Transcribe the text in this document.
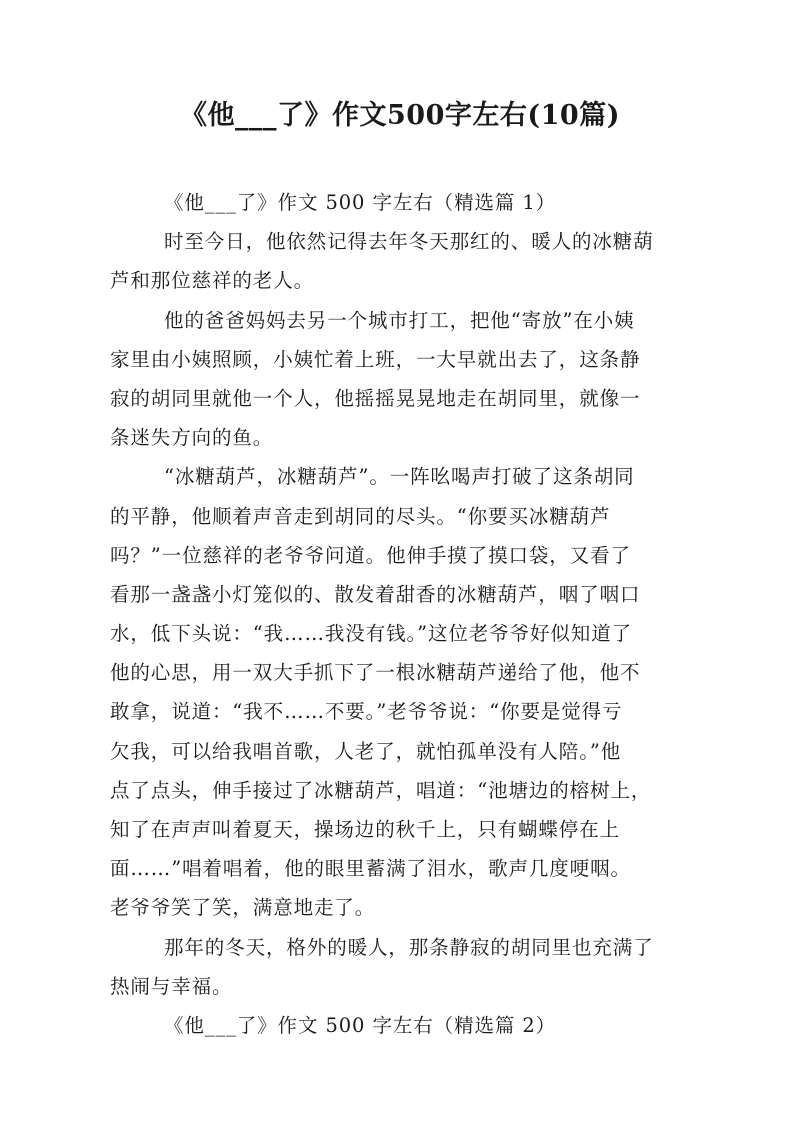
《他___了》作文500字左右(10篇)
《他___了》作文 500 字左右（精选篇 1）
时至今日，他依然记得去年冬天那红的、暖人的冰糖葫
芦和那位慈祥的老人。
他的爸爸妈妈去另一个城市打工，把他“寄放”在小姨
家里由小姨照顾，小姨忙着上班，一大早就出去了，这条静
寂的胡同里就他一个人，他摇摇晃晃地走在胡同里，就像一
条迷失方向的鱼。
“冰糖葫芦，冰糖葫芦”。一阵吆喝声打破了这条胡同
的平静，他顺着声音走到胡同的尽头。“你要买冰糖葫芦
吗？”一位慈祥的老爷爷问道。他伸手摸了摸口袋，又看了
看那一盏盏小灯笼似的、散发着甜香的冰糖葫芦，咽了咽口
水，低下头说：“我……我没有钱。”这位老爷爷好似知道了
他的心思，用一双大手抓下了一根冰糖葫芦递给了他，他不
敢拿，说道：“我不……不要。”老爷爷说：“你要是觉得亏
欠我，可以给我唱首歌，人老了，就怕孤单没有人陪。”他
点了点头，伸手接过了冰糖葫芦，唱道：“池塘边的榕树上，
知了在声声叫着夏天，操场边的秋千上，只有蝴蝶停在上
面……”唱着唱着，他的眼里蓄满了泪水，歌声几度哽咽。
老爷爷笑了笑，满意地走了。
那年的冬天，格外的暖人，那条静寂的胡同里也充满了
热闹与幸福。
《他___了》作文 500 字左右（精选篇 2）
